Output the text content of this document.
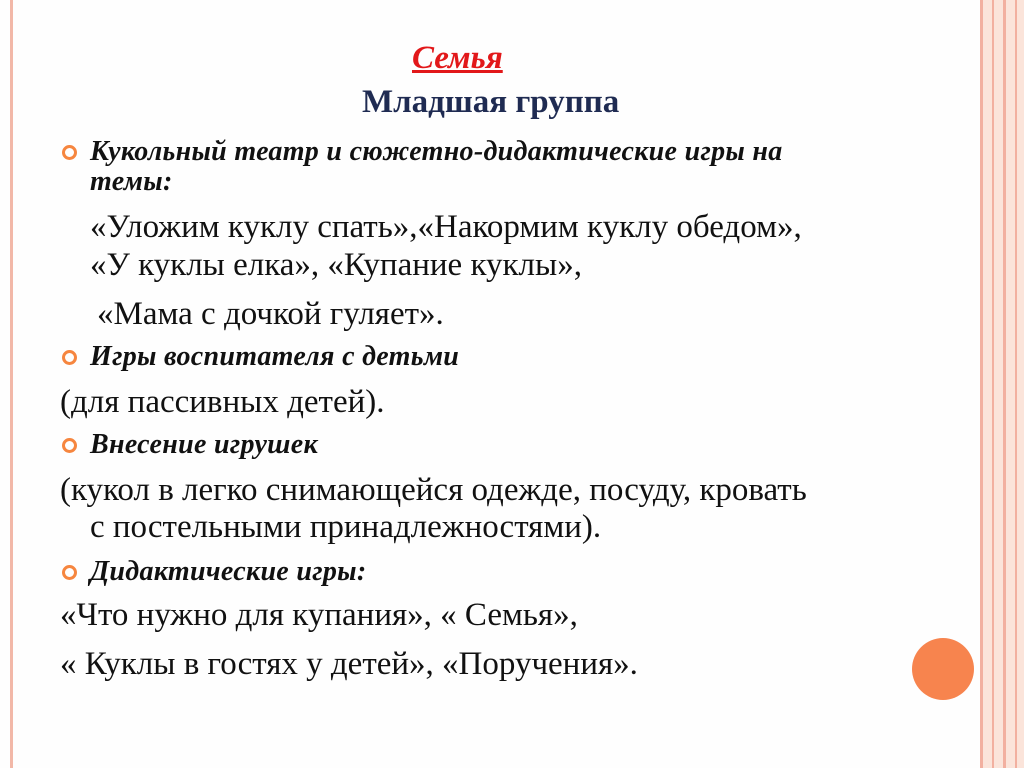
Семья
Младшая группа

Кукольный театр и сюжетно-дидактические игры на

темы:

«Уложим куклу спать»,«Накормим куклу обедом»,

«У куклы елка», «Купание куклы»,

«Мама с дочкой гуляет».

Игры воспитателя с детьми

(для пассивных детей).

Внесение игрушек

(кукол в легко снимающейся одежде, посуду, кровать

с постельными принадлежностями).

Дидактические игры:

«Что нужно для купания», « Семья»,

« Куклы в гостях у детей», «Поручения».
